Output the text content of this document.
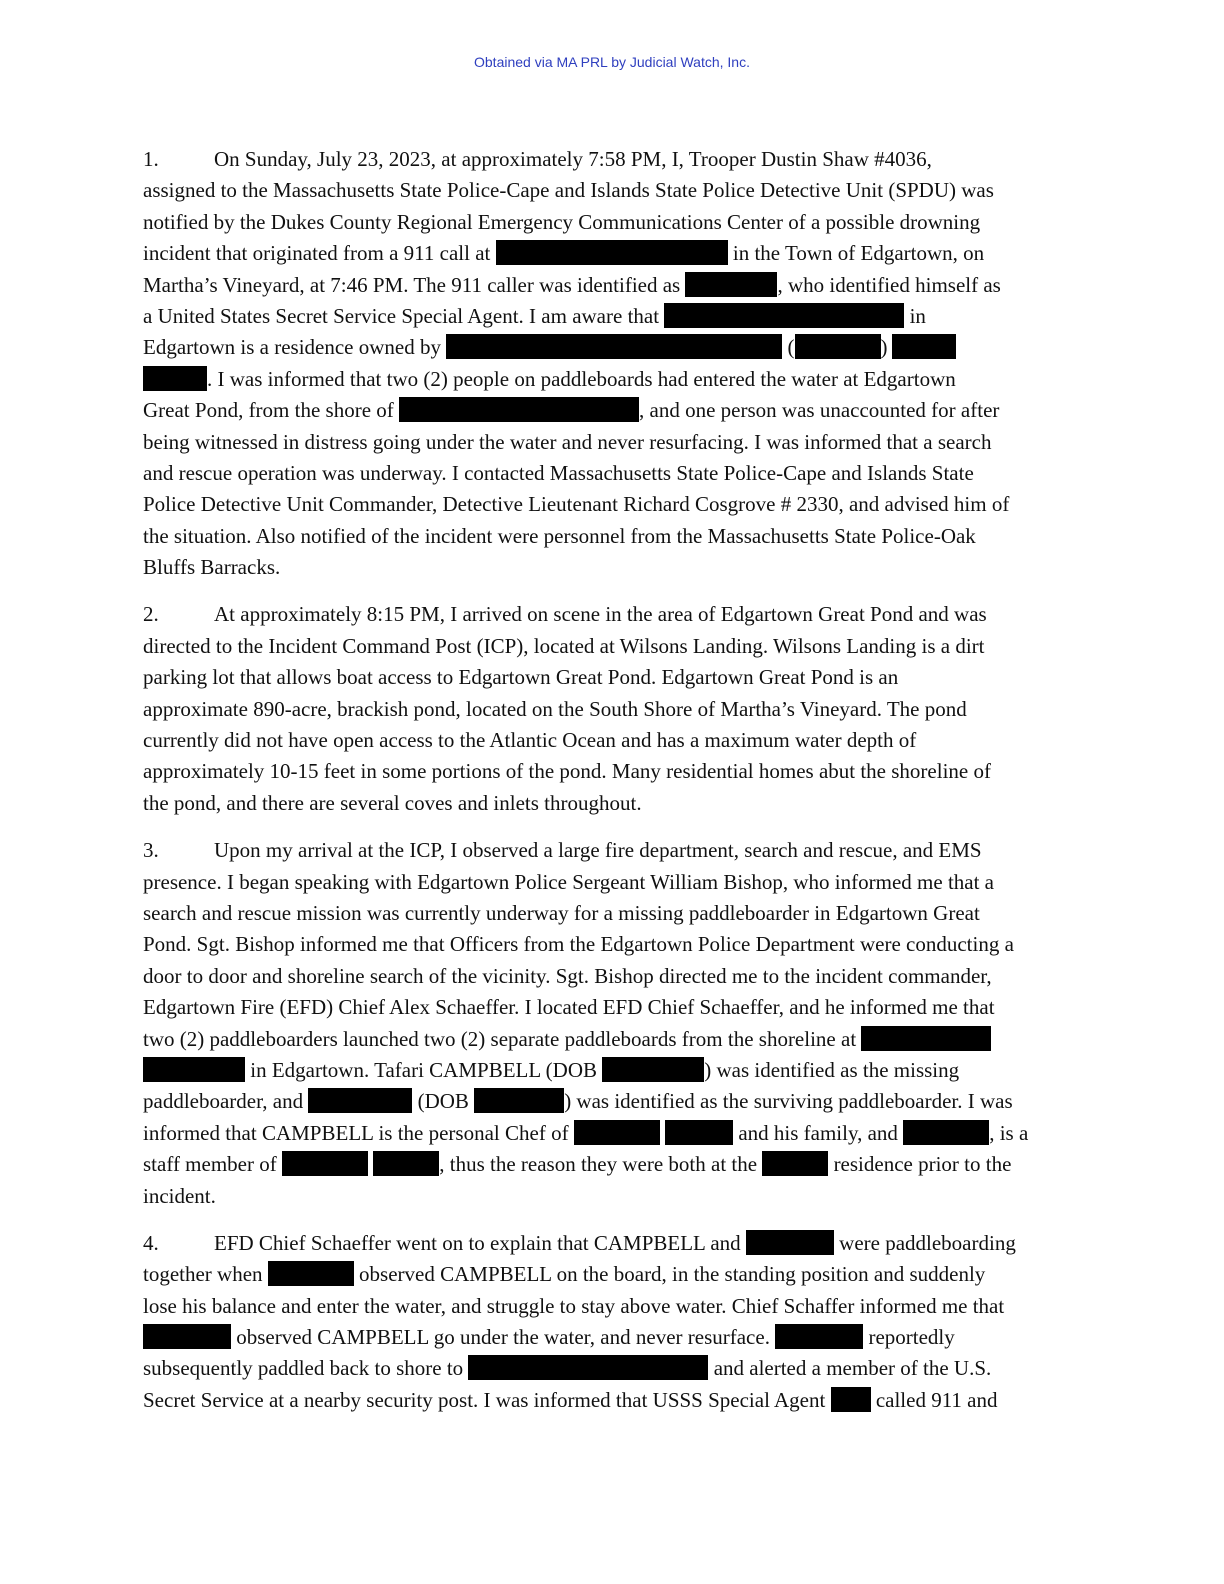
Obtained via MA PRL by Judicial Watch, Inc.
1.	On Sunday, July 23, 2023, at approximately 7:58 PM, I, Trooper Dustin Shaw #4036,
assigned to the Massachusetts State Police-Cape and Islands State Police Detective Unit (SPDU) was
notified by the Dukes County Regional Emergency Communications Center of a possible drowning
incident that originated from a 911 call at	in the Town of Edgartown, on
Martha’s Vineyard, at 7:46 PM. The 911 caller was identified as	, who identified himself as
a United States Secret Service Special Agent. I am aware that	in
Edgartown is a residence owned by	(	)
. I was informed that two (2) people on paddleboards had entered the water at Edgartown
Great Pond, from the shore of	, and one person was unaccounted for after
being witnessed in distress going under the water and never resurfacing. I was informed that a search
and rescue operation was underway. I contacted Massachusetts State Police-Cape and Islands State
Police Detective Unit Commander, Detective Lieutenant Richard Cosgrove # 2330, and advised him of
the situation. Also notified of the incident were personnel from the Massachusetts State Police-Oak
Bluffs Barracks.
2.	At approximately 8:15 PM, I arrived on scene in the area of Edgartown Great Pond and was
directed to the Incident Command Post (ICP), located at Wilsons Landing. Wilsons Landing is a dirt
parking lot that allows boat access to Edgartown Great Pond. Edgartown Great Pond is an
approximate 890-acre, brackish pond, located on the South Shore of Martha’s Vineyard. The pond
currently did not have open access to the Atlantic Ocean and has a maximum water depth of
approximately 10-15 feet in some portions of the pond. Many residential homes abut the shoreline of
the pond, and there are several coves and inlets throughout.
3.	Upon my arrival at the ICP, I observed a large fire department, search and rescue, and EMS
presence. I began speaking with Edgartown Police Sergeant William Bishop, who informed me that a
search and rescue mission was currently underway for a missing paddleboarder in Edgartown Great
Pond. Sgt. Bishop informed me that Officers from the Edgartown Police Department were conducting a
door to door and shoreline search of the vicinity. Sgt. Bishop directed me to the incident commander,
Edgartown Fire (EFD) Chief Alex Schaeffer. I located EFD Chief Schaeffer, and he informed me that
two (2) paddleboarders launched two (2) separate paddleboards from the shoreline at
in Edgartown. Tafari CAMPBELL (DOB	) was identified as the missing
paddleboarder, and	(DOB	) was identified as the surviving paddleboarder. I was
informed that CAMPBELL is the personal Chef of	and his family, and	, is a
staff member of	, thus the reason they were both at the	residence prior to the
incident.
4.	EFD Chief Schaeffer went on to explain that CAMPBELL and	were paddleboarding
together when	observed CAMPBELL on the board, in the standing position and suddenly
lose his balance and enter the water, and struggle to stay above water. Chief Schaffer informed me that
observed CAMPBELL go under the water, and never resurface.	reportedly
subsequently paddled back to shore to	and alerted a member of the U.S.
Secret Service at a nearby security post. I was informed that USSS Special Agent  called 911 and
